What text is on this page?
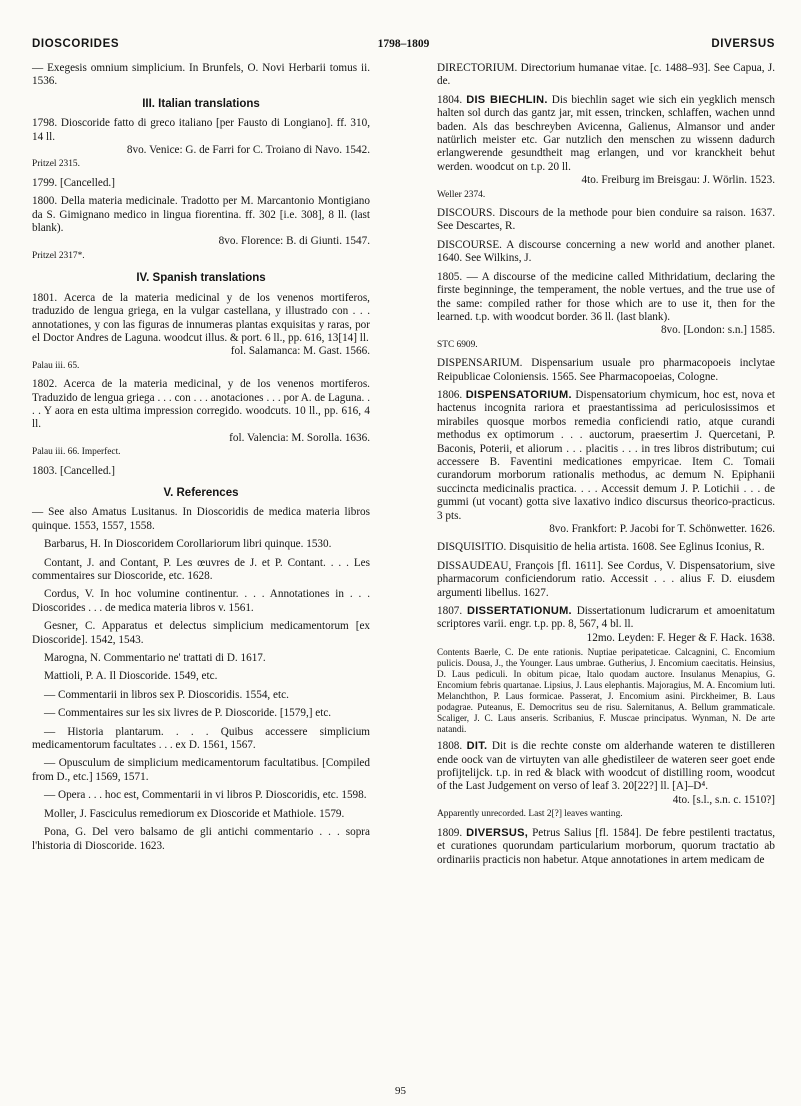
DIOSCORIDES	1798–1809	DIVERSUS
— Exegesis omnium simplicium. In Brunfels, O. Novi Herbarii tomus ii. 1536.
III. Italian translations
1798. Dioscoride fatto di greco italiano [per Fausto di Longiano]. ff. 310, 14 ll.
8vo. Venice: G. de Farri for C. Troiano di Navo. 1542.
Pritzel 2315.
1799. [Cancelled.]
1800. Della materia medicinale. Tradotto per M. Marcantonio Montigiano da S. Gimignano medico in lingua fiorentina. ff. 302 [i.e. 308], 8 ll. (last blank).
8vo. Florence: B. di Giunti. 1547.
Pritzel 2317*.
IV. Spanish translations
1801. Acerca de la materia medicinal y de los venenos mortiferos, traduzido de lengua griega, en la vulgar castellana, y illustrado con . . . annotationes, y con las figuras de innumeras plantas exquisitas y raras, por el Doctor Andres de Laguna. woodcut illus. & port. 6 ll., pp. 616, 13[14] ll.
fol. Salamanca: M. Gast. 1566.
Palau iii. 65.
1802. Acerca de la materia medicinal, y de los venenos mortiferos. Traduzido de lengua griega . . . con . . . anotaciones . . . por A. de Laguna. . . . Y aora en esta ultima impression corregido. woodcuts. 10 ll., pp. 616, 4 ll.
fol. Valencia: M. Sorolla. 1636.
Palau iii. 66. Imperfect.
1803. [Cancelled.]
V. References
— See also Amatus Lusitanus. In Dioscoridis de medica materia libros quinque. 1553, 1557, 1558.
Barbarus, H. In Dioscoridem Corollariorum libri quinque. 1530.
Contant, J. and Contant, P. Les œuvres de J. et P. Contant. . . . Les commentaires sur Dioscoride, etc. 1628.
Cordus, V. In hoc volumine continentur. . . . Annotationes in . . . Dioscorides . . . de medica materia libros v. 1561.
Gesner, C. Apparatus et delectus simplicium medicamentorum [ex Dioscoride]. 1542, 1543.
Marogna, N. Commentario ne' trattati di D. 1617.
Mattioli, P. A. Il Dioscoride. 1549, etc.
— Commentarii in libros sex P. Dioscoridis. 1554, etc.
— Commentaires sur les six livres de P. Dioscoride. [1579,] etc.
— Historia plantarum. . . . Quibus accessere simplicium medicamentorum facultates . . . ex D. 1561, 1567.
— Opusculum de simplicium medicamentorum facultatibus. [Compiled from D., etc.] 1569, 1571.
— Opera . . . hoc est, Commentarii in vi libros P. Dioscoridis, etc. 1598.
Moller, J. Fasciculus remediorum ex Dioscoride et Mathiole. 1579.
Pona, G. Del vero balsamo de gli antichi commentario . . . sopra l'historia di Dioscoride. 1623.
DIRECTORIUM. Directorium humanae vitae. [c. 1488–93]. See Capua, J. de.
1804. DIS BIECHLIN. Dis biechlin saget wie sich ein yegklich mensch halten sol durch das gantz jar, mit essen, trincken, schlaffen, wachen unnd baden. Als das beschreyben Avicenna, Galienus, Almansor und ander natürlich meister etc. Gar nutzlich den menschen zu wissenn dadurch erlangwerende gesundtheit mag erlangen, und vor kranckheit behut werden. woodcut on t.p. 20 ll.
4to. Freiburg im Breisgau: J. Wörlin. 1523.
Weller 2374.
DISCOURS. Discours de la methode pour bien conduire sa raison. 1637. See Descartes, R.
DISCOURSE. A discourse concerning a new world and another planet. 1640. See Wilkins, J.
1805. — A discourse of the medicine called Mithridatium, declaring the firste beginninge, the temperament, the noble vertues, and the true use of the same: compiled rather for those which are to use it, then for the learned. t.p. with woodcut border. 36 ll. (last blank).
8vo. [London: s.n.] 1585.
STC 6909.
DISPENSARIUM. Dispensarium usuale pro pharmacopoeis inclytae Reipublicae Coloniensis. 1565. See Pharmacopoeias, Cologne.
1806. DISPENSATORIUM. Dispensatorium chymicum, hoc est, nova et hactenus incognita rariora et praestantissima ad periculosissimos et mirabiles quosque morbos remedia conficiendi ratio, atque curandi methodus ex optimorum . . . auctorum, praesertim J. Quercetani, P. Baconis, Poterii, et aliorum . . . placitis . . . in tres libros distributum; cui accessere B. Faventini medicationes empyricae. Item C. Tomaii curandorum morborum rationalis methodus, ac demum N. Epiphanii succincta medicinalis practica. . . . Accessit demum J. P. Lotichii . . . de gummi (ut vocant) gotta sive laxativo indico discursus theorico-practicus. 3 pts.
8vo. Frankfort: P. Jacobi for T. Schönwetter. 1626.
DISQUISITIO. Disquisitio de helia artista. 1608. See Eglinus Iconius, R.
DISSAUDEAU, François [fl. 1611]. See Cordus, V. Dispensatorium, sive pharmacorum conficiendorum ratio. Accessit . . . alius F. D. eiusdem argumenti libellus. 1627.
1807. DISSERTATIONUM. Dissertationum ludicrarum et amoenitatum scriptores varii. engr. t.p. pp. 8, 567, 4 bl. ll.
12mo. Leyden: F. Heger & F. Hack. 1638.
Contents Baerle, C. De ente rationis. Nuptiae peripateticae. Calcagnini, C. Encomium pulicis. Dousa, J., the Younger. Laus umbrae. Gutherius, J. Encomium caecitatis. Heinsius, D. Laus pediculi. In obitum picae, Italo quodam auctore. Insulanus Menapius, G. Encomium febris quartanae. Lipsius, J. Laus elephantis. Majoragius, M. A. Encomium luti. Melanchthon, P. Laus formicae. Passerat, J. Encomium asini. Pirckheimer, B. Laus podagrae. Puteanus, E. Democritus seu de risu. Salernitanus, A. Bellum grammaticale. Scaliger, J. C. Laus anseris. Scribanius, F. Muscae principatus. Wynman, N. De arte natandi.
1808. DIT. Dit is die rechte conste om alderhande wateren te distilleren ende oock van de virtuyten van alle ghedistileer de wateren seer goet ende profijtelijck. t.p. in red & black with woodcut of distilling room, woodcut of the Last Judgement on verso of leaf 3. 20[22?] ll. [A]–D⁴.
4to. [s.l., s.n. c. 1510?]
Apparently unrecorded. Last 2[?] leaves wanting.
1809. DIVERSUS, Petrus Salius [fl. 1584]. De febre pestilenti tractatus, et curationes quorundam particularium morborum, quorum tractatio ab ordinariis practicis non habetur. Atque annotationes in artem medicam de
95
